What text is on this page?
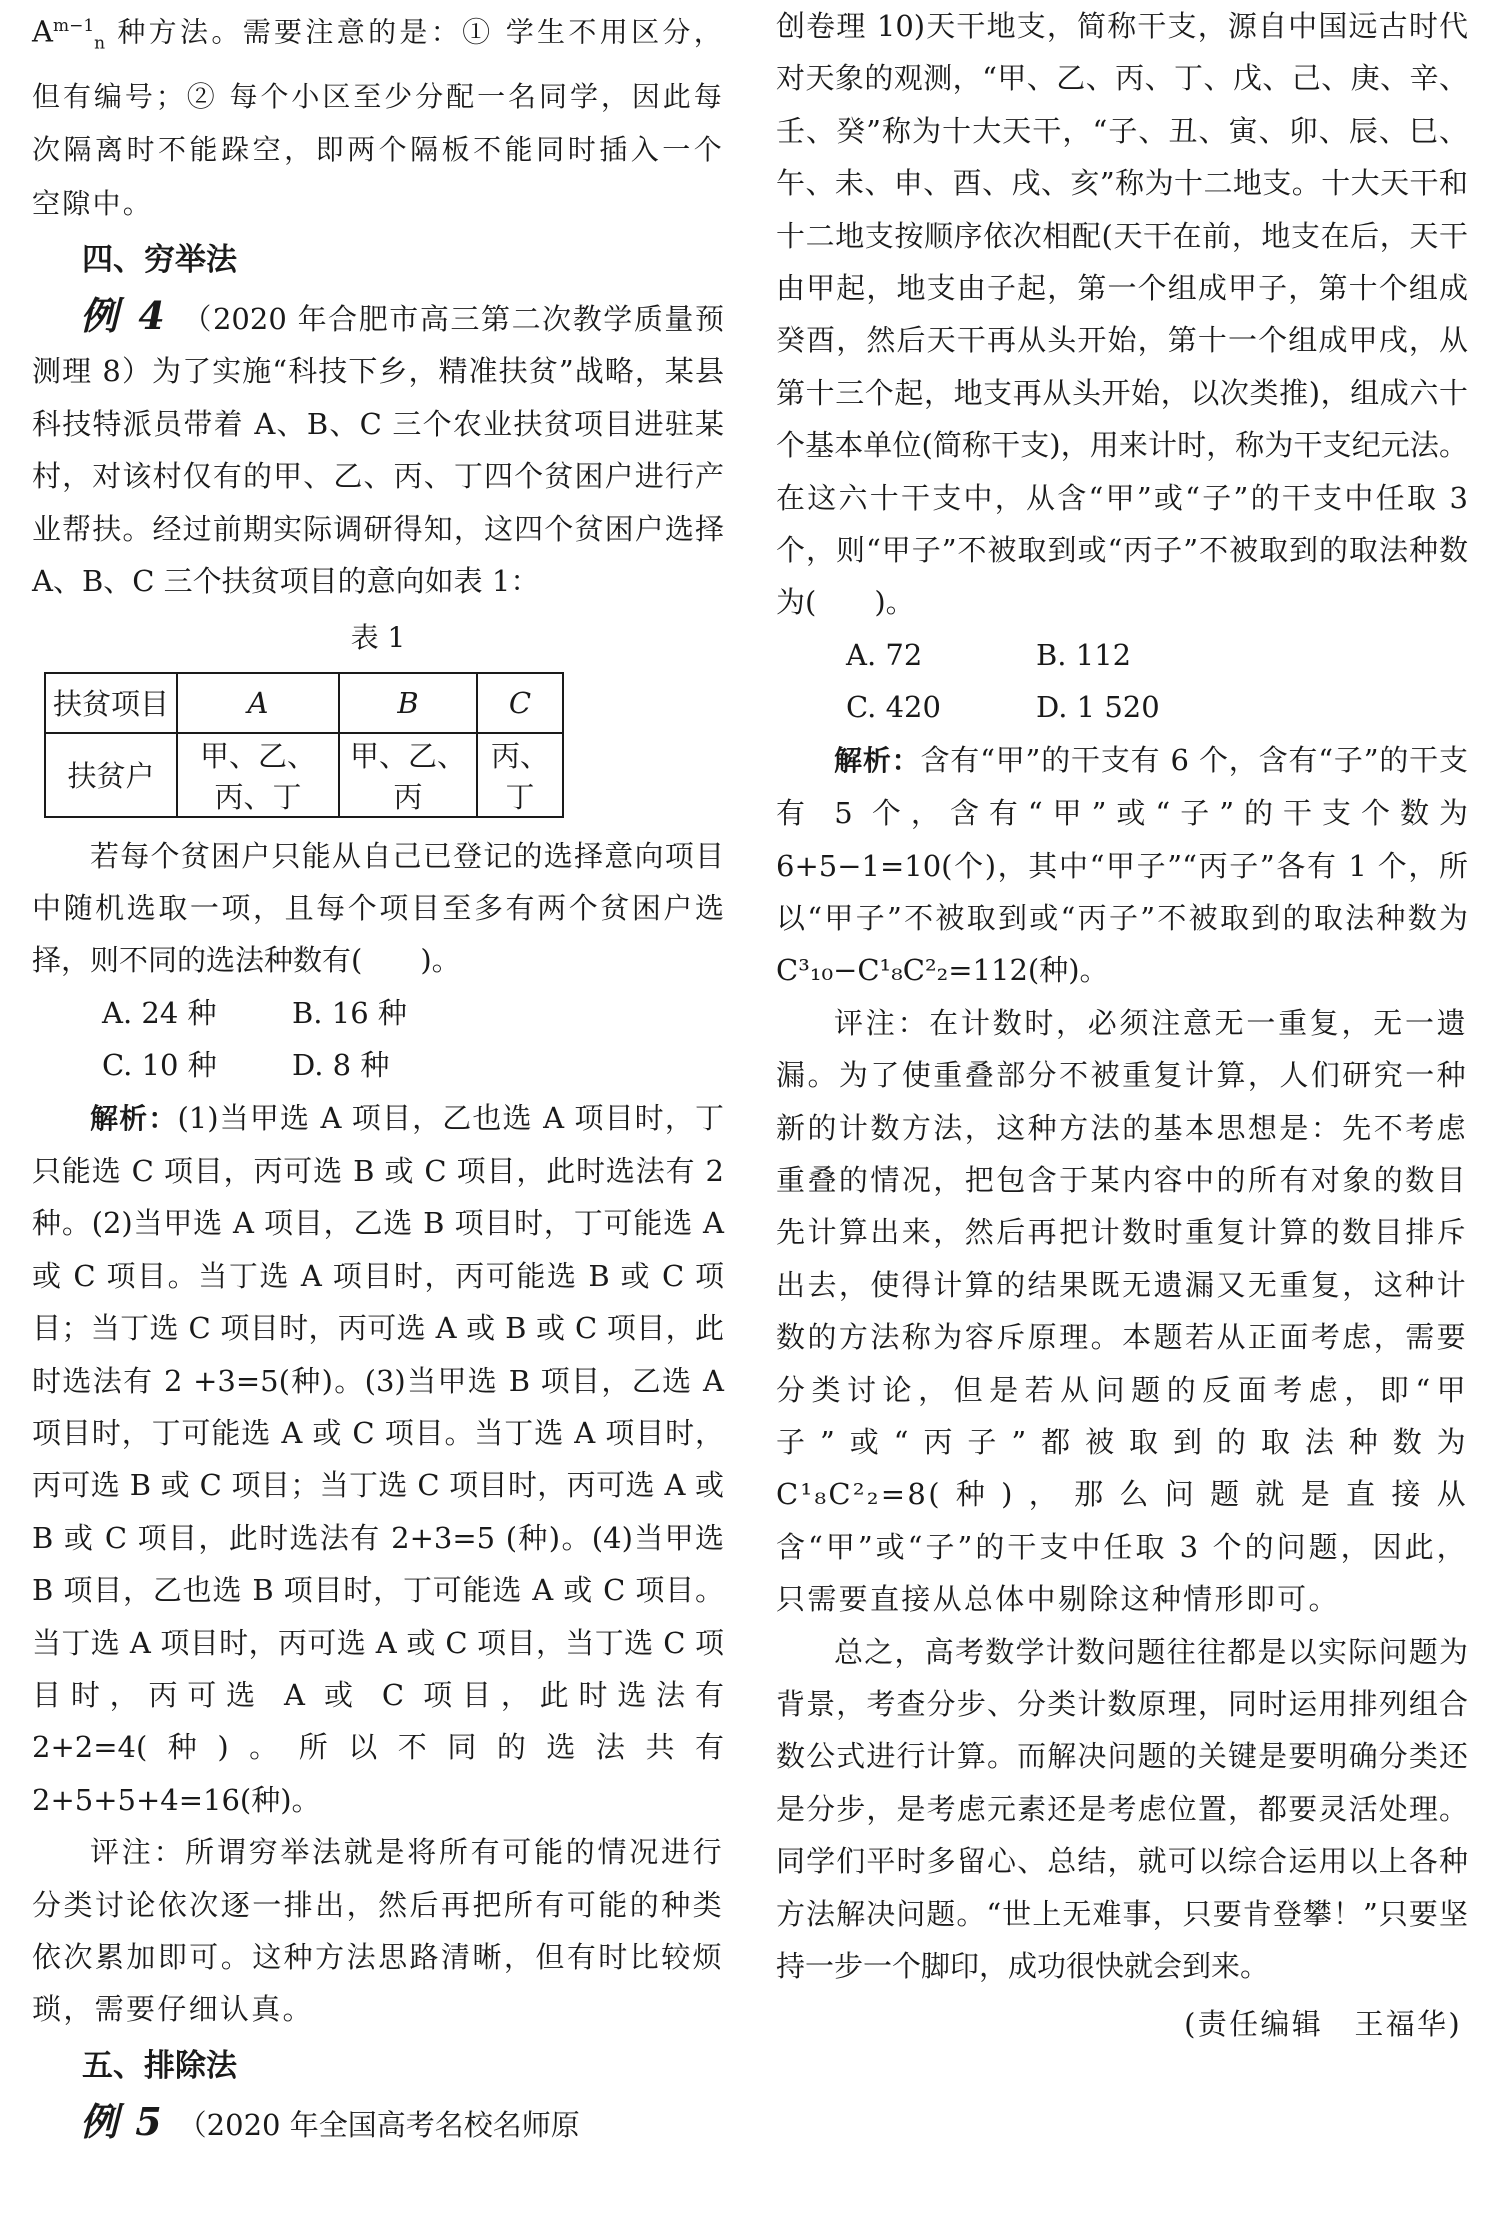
$A^{m-1}_n$ 种方法。需要注意的是：① 学生不用区分，但有编号；② 每个小区至少分配一名同学，因此每次隔离时不能跺空，即两个隔板不能同时插入一个空隙中。

四、穷举法

例 4 （2020 年合肥市高三第二次教学质量预测理 8）为了实施“科技下乡，精准扶贫”战略，某县科技特派员带着 A、B、C 三个农业扶贫项目进驻某村，对该村仅有的甲、乙、丙、丁四个贫困户进行产业帮扶。经过前期实际调研得知，这四个贫困户选择 A、B、C 三个扶贫项目的意向如表 1：

表 1

扶贫项目	A	B	C
扶贫户	甲、乙、丙、丁	甲、乙、丙	丙、丁

若每个贫困户只能从自己已登记的选择意向项目中随机选取一项，且每个项目至多有两个贫困户选择，则不同的选法种数有(　　)。

A. 24 种	B. 16 种
C. 10 种	D. 8 种

解析：(1)当甲选 A 项目，乙也选 A 项目时，丁只能选 C 项目，丙可选 B 或 C 项目，此时选法有 2 种。(2)当甲选 A 项目，乙选 B 项目时，丁可能选 A 或 C 项目。当丁选 A 项目时，丙可能选 B 或 C 项目；当丁选 C 项目时，丙可选 A 或 B 或 C 项目，此时选法有 2 +3=5(种)。(3)当甲选 B 项目，乙选 A 项目时，丁可能选 A 或 C 项目。当丁选 A 项目时，丙可选 B 或 C 项目；当丁选 C 项目时，丙可选 A 或 B 或 C 项目，此时选法有 2+3=5 (种)。(4)当甲选 B 项目，乙也选 B 项目时，丁可能选 A 或 C 项目。当丁选 A 项目时，丙可选 A 或 C 项目，当丁选 C 项目时，丙可选 A 或 C 项目，此时选法有 2+2=4(种)。所以不同的选法共有 2+5+5+4=16(种)。

评注：所谓穷举法就是将所有可能的情况进行分类讨论依次逐一排出，然后再把所有可能的种类依次累加即可。这种方法思路清晰，但有时比较烦琐，需要仔细认真。

五、排除法

例 5 （2020 年全国高考名校名师原

创卷理 10)天干地支，简称干支，源自中国远古时代对天象的观测，“甲、乙、丙、丁、戊、己、庚、辛、壬、癸”称为十大天干，“子、丑、寅、卯、辰、巳、午、未、申、酉、戌、亥”称为十二地支。十大天干和十二地支按顺序依次相配(天干在前，地支在后，天干由甲起，地支由子起，第一个组成甲子，第十个组成癸酉，然后天干再从头开始，第十一个组成甲戌，从第十三个起，地支再从头开始，以次类推)，组成六十个基本单位(简称干支)，用来计时，称为干支纪元法。在这六十干支中，从含“甲”或“子”的干支中任取 3 个，则“甲子”不被取到或“丙子”不被取到的取法种数为(　　)。

A. 72	B. 112
C. 420	D. 1 520

解析：含有“甲”的干支有 6 个，含有“子”的干支有 5 个，含有“甲”或“子”的干支个数为 6+5−1=10(个)，其中“甲子”“丙子”各有 1 个，所以“甲子”不被取到或“丙子”不被取到的取法种数为 C³₁₀−C¹₈C²₂=112(种)。

评注：在计数时，必须注意无一重复，无一遗漏。为了使重叠部分不被重复计算，人们研究一种新的计数方法，这种方法的基本思想是：先不考虑重叠的情况，把包含于某内容中的所有对象的数目先计算出来，然后再把计数时重复计算的数目排斥出去，使得计算的结果既无遗漏又无重复，这种计数的方法称为容斥原理。本题若从正面考虑，需要分类讨论，但是若从问题的反面考虑，即“甲子”或“丙子”都被取到的取法种数为 C¹₈C²₂=8(种)，那么问题就是直接从含“甲”或“子”的干支中任取 3 个的问题，因此，只需要直接从总体中剔除这种情形即可。

总之，高考数学计数问题往往都是以实际问题为背景，考查分步、分类计数原理，同时运用排列组合数公式进行计算。而解决问题的关键是要明确分类还是分步，是考虑元素还是考虑位置，都要灵活处理。同学们平时多留心、总结，就可以综合运用以上各种方法解决问题。“世上无难事，只要肯登攀！”只要坚持一步一个脚印，成功很快就会到来。

(责任编辑　王福华)
